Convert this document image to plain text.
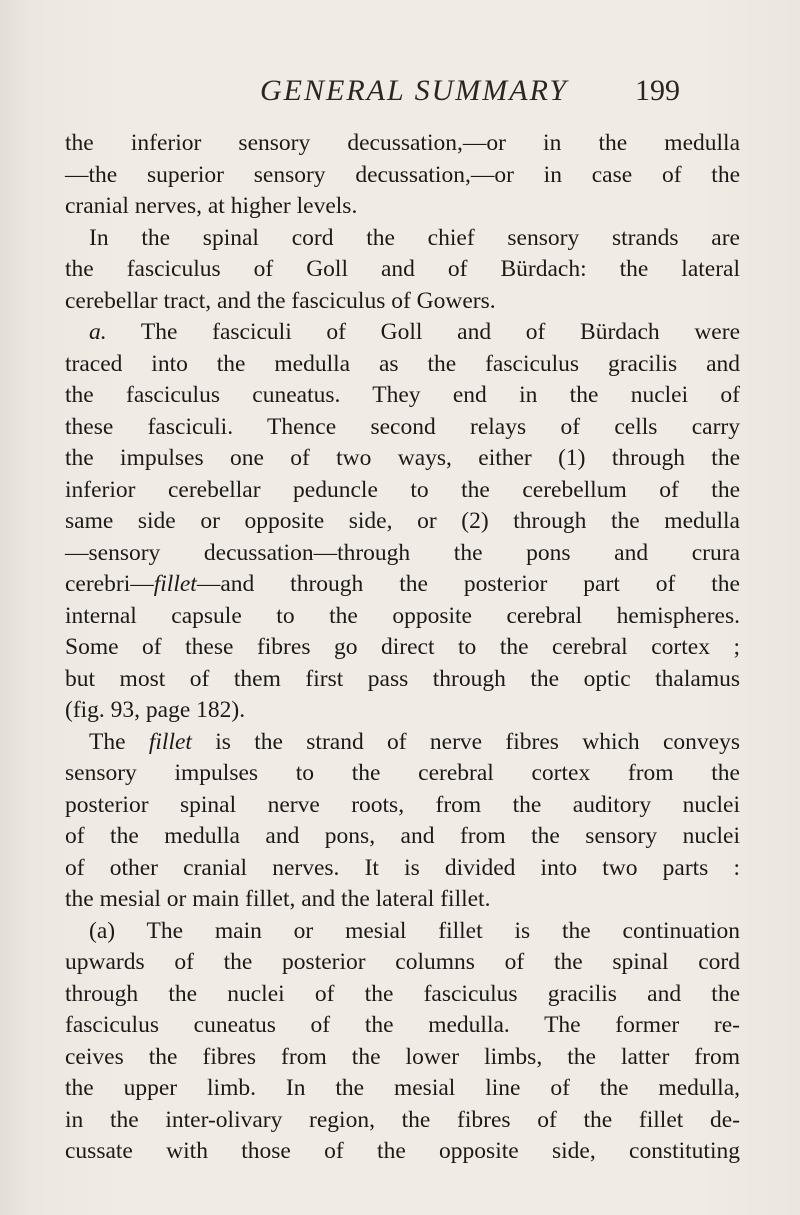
GENERAL SUMMARY 199
the inferior sensory decussation,—or in the medulla
—the superior sensory decussation,—or in case of the
cranial nerves, at higher levels.
In the spinal cord the chief sensory strands are
the fasciculus of Goll and of Bürdach: the lateral
cerebellar tract, and the fasciculus of Gowers.
a. The fasciculi of Goll and of Bürdach were
traced into the medulla as the fasciculus gracilis and
the fasciculus cuneatus. They end in the nuclei of
these fasciculi. Thence second relays of cells carry
the impulses one of two ways, either (1) through the
inferior cerebellar peduncle to the cerebellum of the
same side or opposite side, or (2) through the medulla
—sensory decussation—through the pons and crura
cerebri—fillet—and through the posterior part of the
internal capsule to the opposite cerebral hemispheres.
Some of these fibres go direct to the cerebral cortex ;
but most of them first pass through the optic thalamus
(fig. 93, page 182).
The fillet is the strand of nerve fibres which conveys
sensory impulses to the cerebral cortex from the
posterior spinal nerve roots, from the auditory nuclei
of the medulla and pons, and from the sensory nuclei
of other cranial nerves. It is divided into two parts :
the mesial or main fillet, and the lateral fillet.
(a) The main or mesial fillet is the continuation
upwards of the posterior columns of the spinal cord
through the nuclei of the fasciculus gracilis and the
fasciculus cuneatus of the medulla. The former re-
ceives the fibres from the lower limbs, the latter from
the upper limb. In the mesial line of the medulla,
in the inter-olivary region, the fibres of the fillet de-
cussate with those of the opposite side, constituting
